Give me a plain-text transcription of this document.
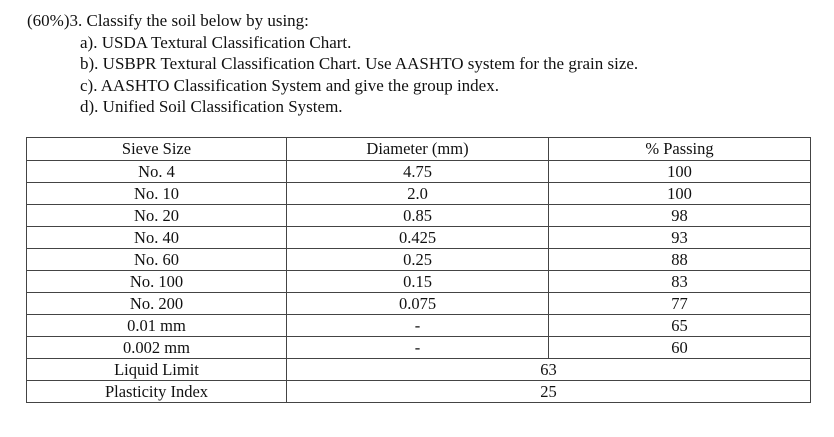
(60%)3. Classify the soil below by using:
a). USDA Textural Classification Chart.
b). USBPR Textural Classification Chart. Use AASHTO system for the grain size.
c). AASHTO Classification System and give the group index.
d). Unified Soil Classification System.
Sieve Size	Diameter (mm)	% Passing
No. 4	4.75	100
No. 10	2.0	100
No. 20	0.85	98
No. 40	0.425	93
No. 60	0.25	88
No. 100	0.15	83
No. 200	0.075	77
0.01 mm	-	65
0.002 mm	-	60
Liquid Limit	63	
Plasticity Index	25	
